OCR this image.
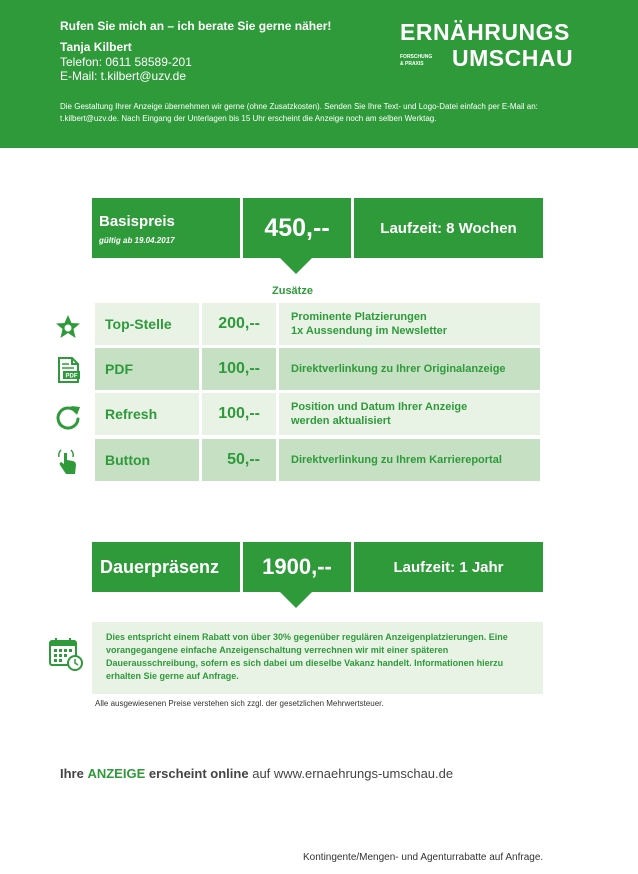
Rufen Sie mich an – ich berate Sie gerne näher!
Tanja Kilbert
Telefon: 0611 58589-201
E-Mail: t.kilbert@uzv.de
Die Gestaltung Ihrer Anzeige übernehmen wir gerne (ohne Zusatzkosten). Senden Sie Ihre Text- und Logo-Datei einfach per E-Mail an: t.kilbert@uzv.de. Nach Eingang der Unterlagen bis 15 Uhr erscheint die Anzeige noch am selben Werktag.
ERNÄHRUNGS
FORSCHUNG
& PRAXIS UMSCHAU
Basispreis
gültig ab 19.04.2017	450,--	Laufzeit: 8 Wochen
Zusätze
Top-Stelle	200,--	Prominente Platzierungen
1x Aussendung im Newsletter
PDF	PDF	100,--	Direktverlinkung zu Ihrer Originalanzeige
Refresh	100,--	Position und Datum Ihrer Anzeige
werden aktualisiert
Button	50,--	Direktverlinkung zu Ihrem Karriereportal
Dauerpräsenz	1900,--	Laufzeit: 1 Jahr
Dies entspricht einem Rabatt von über 30% gegenüber regulären Anzeigenplatzierungen. Eine vorangegangene einfache Anzeigenschaltung verrechnen wir mit einer späteren Dauerausschreibung, sofern es sich dabei um dieselbe Vakanz handelt. Informationen hierzu erhalten Sie gerne auf Anfrage.
Alle ausgewiesenen Preise verstehen sich zzgl. der gesetzlichen Mehrwertsteuer.
Ihre ANZEIGE erscheint online auf www.ernaehrungs-umschau.de
Kontingente/Mengen- und Agenturrabatte auf Anfrage.
